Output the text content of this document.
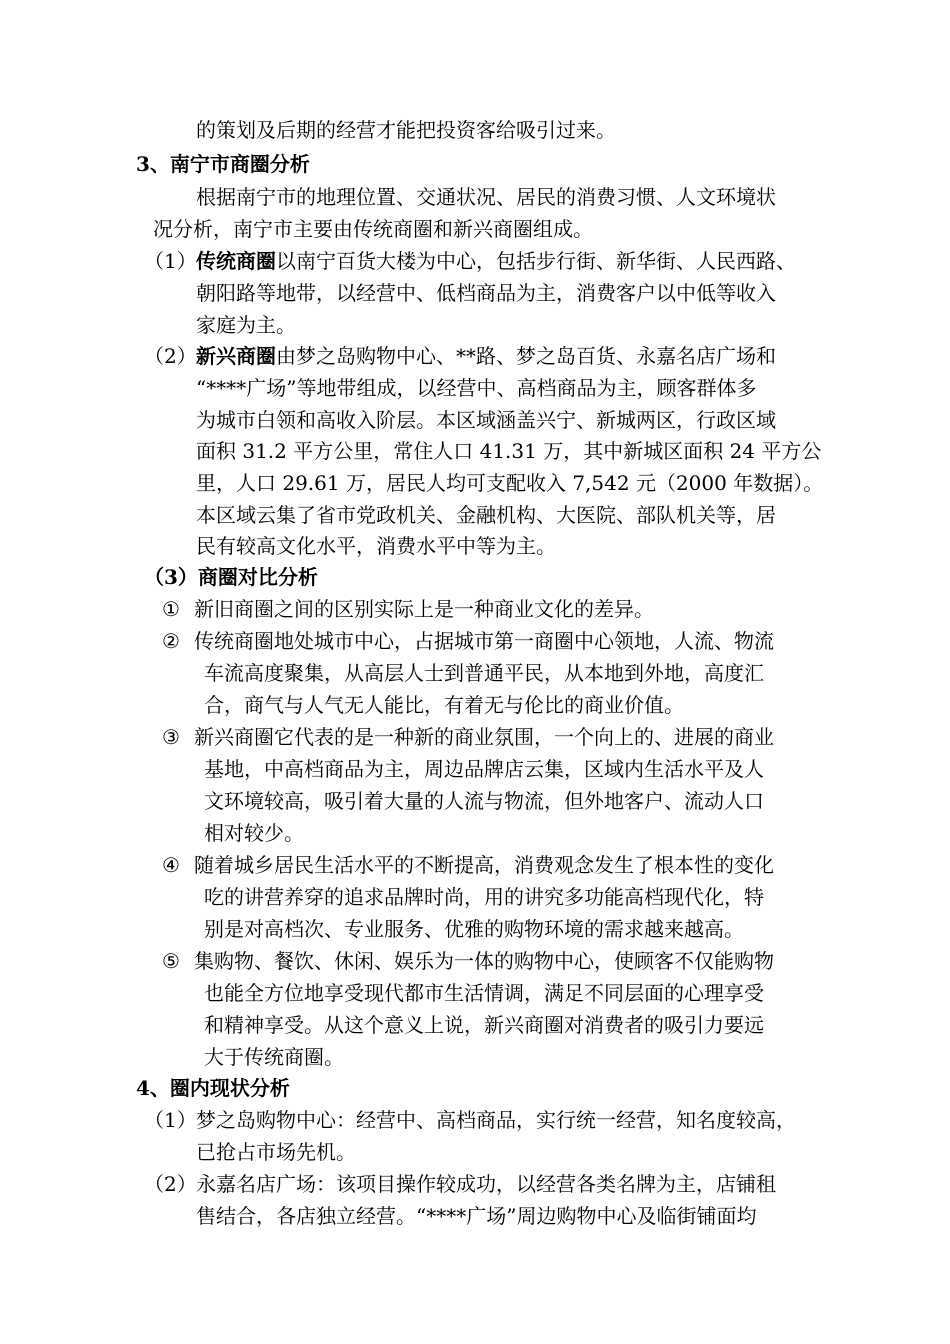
的策划及后期的经营才能把投资客给吸引过来。
3、南宁市商圈分析
根据南宁市的地理位置、交通状况、居民的消费习惯、人文环境状
况分析，南宁市主要由传统商圈和新兴商圈组成。
（1） 传统商圈以南宁百货大楼为中心，包括步行街、新华街、人民西路、
朝阳路等地带，以经营中、低档商品为主，消费客户以中低等收入
家庭为主。
（2） 新兴商圈由梦之岛购物中心、**路、梦之岛百货、永嘉名店广场和
“****广场”等地带组成，以经营中、高档商品为主，顾客群体多
为城市白领和高收入阶层。本区域涵盖兴宁、新城两区，行政区域
面积 31.2 平方公里，常住人口 41.31 万，其中新城区面积 24 平方公
里，人口 29.61 万，居民人均可支配收入 7,542 元（2000 年数据）。
本区域云集了省市党政机关、金融机构、大医院、部队机关等，居
民有较高文化水平，消费水平中等为主。
（3）商圈对比分析
① 新旧商圈之间的区别实际上是一种商业文化的差异。
② 传统商圈地处城市中心，占据城市第一商圈中心领地，人流、物流
车流高度聚集，从高层人士到普通平民，从本地到外地，高度汇
合，商气与人气无人能比，有着无与伦比的商业价值。
③ 新兴商圈它代表的是一种新的商业氛围，一个向上的、进展的商业
基地，中高档商品为主，周边品牌店云集，区域内生活水平及人
文环境较高，吸引着大量的人流与物流，但外地客户、流动人口
相对较少。
④ 随着城乡居民生活水平的不断提高，消费观念发生了根本性的变化
吃的讲营养穿的追求品牌时尚，用的讲究多功能高档现代化，特
别是对高档次、专业服务、优雅的购物环境的需求越来越高。
⑤ 集购物、餐饮、休闲、娱乐为一体的购物中心，使顾客不仅能购物
也能全方位地享受现代都市生活情调，满足不同层面的心理享受
和精神享受。从这个意义上说，新兴商圈对消费者的吸引力要远
大于传统商圈。
4、圈内现状分析
（1） 梦之岛购物中心：经营中、高档商品，实行统一经营，知名度较高，
已抢占市场先机。
（2） 永嘉名店广场：该项目操作较成功，以经营各类名牌为主，店铺租
售结合，各店独立经营。“****广场”周边购物中心及临街铺面均
